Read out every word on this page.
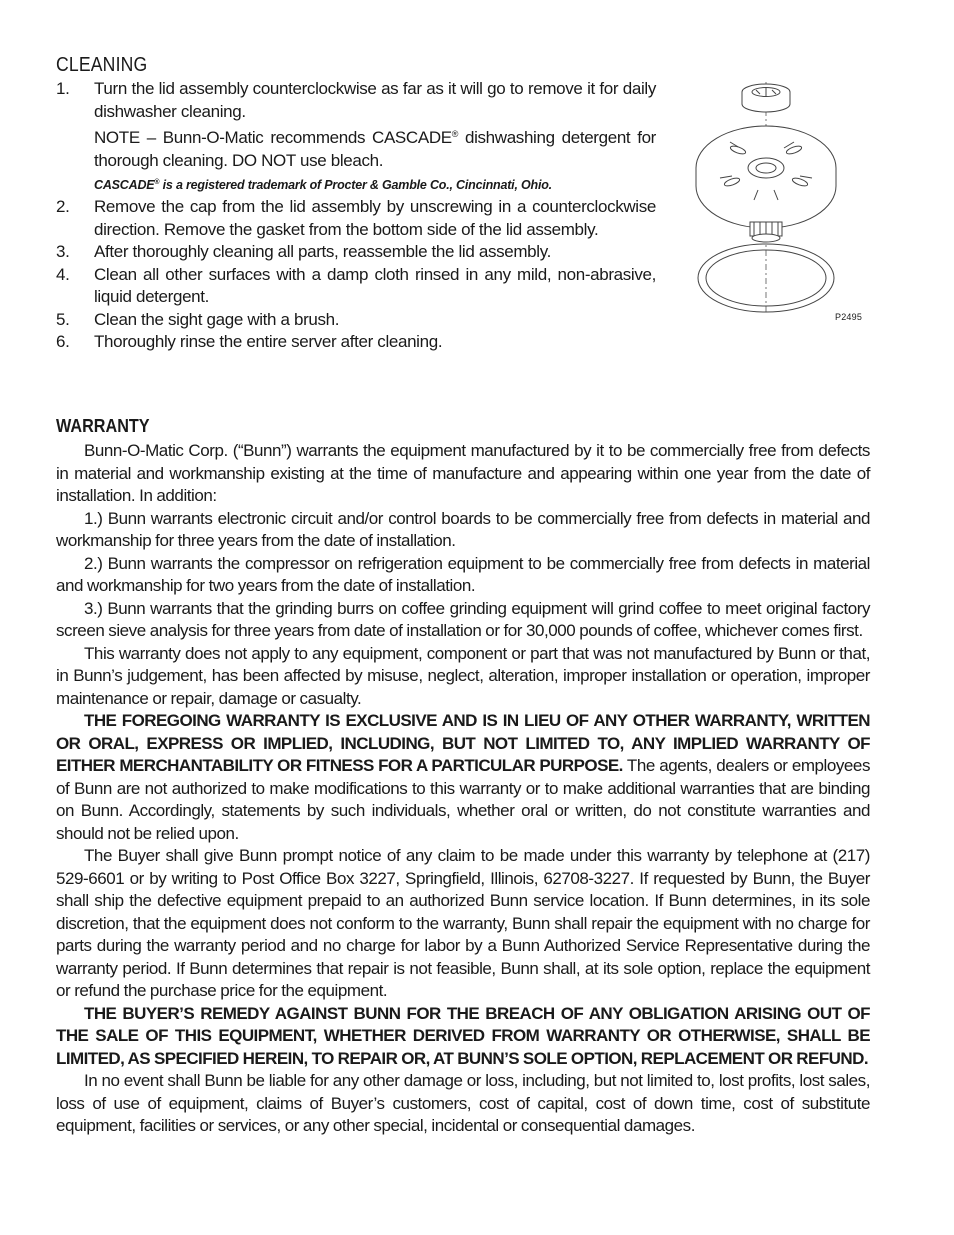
CLEANING
1. Turn the lid assembly counterclockwise as far as it will go to remove it for daily dishwasher cleaning.
NOTE – Bunn-O-Matic recommends CASCADE® dishwashing detergent for thorough cleaning. DO NOT use bleach.
CASCADE® is a registered trademark of Procter & Gamble Co., Cincinnati, Ohio.
2. Remove the cap from the lid assembly by unscrewing in a counterclockwise direction. Remove the gasket from the bottom side of the lid assembly.
3. After thoroughly cleaning all parts, reassemble the lid assembly.
4. Clean all other surfaces with a damp cloth rinsed in any mild, non-abrasive, liquid detergent.
5. Clean the sight gage with a brush.
6. Thoroughly rinse the entire server after cleaning.
P2495
WARRANTY

Bunn-O-Matic Corp. (“Bunn”) warrants the equipment manufactured by it to be commercially free from defects in material and workmanship existing at the time of manufacture and appearing within one year from the date of installation. In addition:

1.) Bunn warrants electronic circuit and/or control boards to be commercially free from defects in material and workmanship for three years from the date of installation.

2.) Bunn warrants the compressor on refrigeration equipment to be commercially free from defects in material and workmanship for two years from the date of installation.

3.) Bunn warrants that the grinding burrs on coffee grinding equipment will grind coffee to meet original factory screen sieve analysis for three years from date of installation or for 30,000 pounds of coffee, whichever comes first.

This warranty does not apply to any equipment, component or part that was not manufactured by Bunn or that, in Bunn’s judgement, has been affected by misuse, neglect, alteration, improper installation or operation, improper maintenance or repair, damage or casualty.

THE FOREGOING WARRANTY IS EXCLUSIVE AND IS IN LIEU OF ANY OTHER WARRANTY, WRITTEN OR ORAL, EXPRESS OR IMPLIED, INCLUDING, BUT NOT LIMITED TO, ANY IMPLIED WARRANTY OF EITHER MERCHANTABILITY OR FITNESS FOR A PARTICULAR PURPOSE. The agents, dealers or employees of Bunn are not authorized to make modifications to this warranty or to make additional warranties that are binding on Bunn. Accordingly, statements by such individuals, whether oral or written, do not constitute warranties and should not be relied upon.

The Buyer shall give Bunn prompt notice of any claim to be made under this warranty by telephone at (217) 529-6601 or by writing to Post Office Box 3227, Springfield, Illinois, 62708-3227. If requested by Bunn, the Buyer shall ship the defective equipment prepaid to an authorized Bunn service location. If Bunn determines, in its sole discretion, that the equipment does not conform to the warranty, Bunn shall repair the equipment with no charge for parts during the warranty period and no charge for labor by a Bunn Authorized Service Representative during the warranty period. If Bunn determines that repair is not feasible, Bunn shall, at its sole option, replace the equipment or refund the purchase price for the equipment.

THE BUYER’S REMEDY AGAINST BUNN FOR THE BREACH OF ANY OBLIGATION ARISING OUT OF THE SALE OF THIS EQUIPMENT, WHETHER DERIVED FROM WARRANTY OR OTHERWISE, SHALL BE LIMITED, AS SPECIFIED HEREIN, TO REPAIR OR, AT BUNN’S SOLE OPTION, REPLACEMENT OR REFUND.

In no event shall Bunn be liable for any other damage or loss, including, but not limited to, lost profits, lost sales, loss of use of equipment, claims of Buyer’s customers, cost of capital, cost of down time, cost of substitute equipment, facilities or services, or any other special, incidental or consequential damages.
